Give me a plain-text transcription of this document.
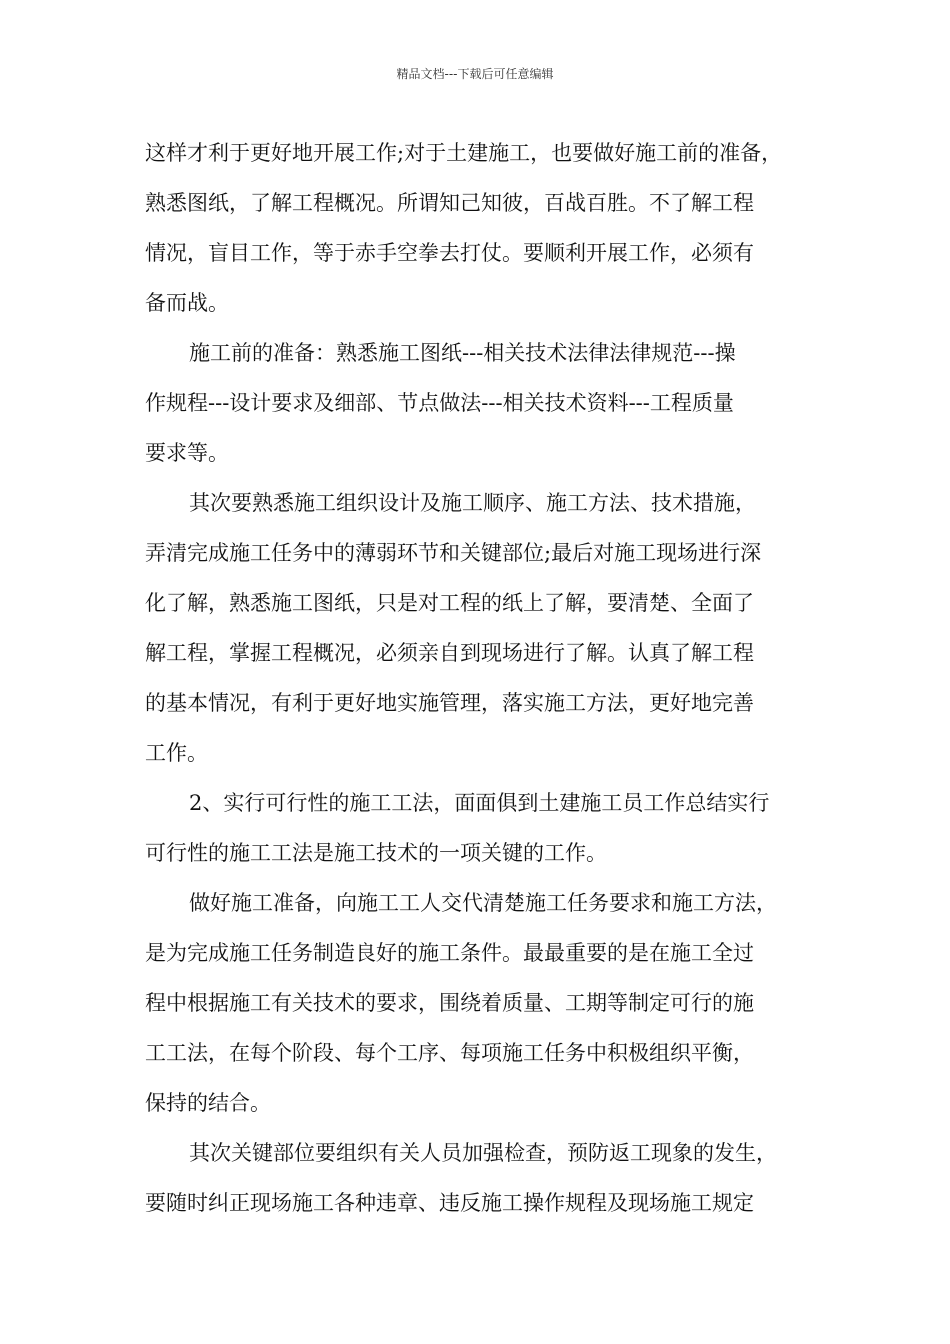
精品文档---下载后可任意编辑

这样才利于更好地开展工作;对于土建施工，也要做好施工前的准备，
熟悉图纸，了解工程概况。所谓知己知彼，百战百胜。不了解工程
情况，盲目工作，等于赤手空拳去打仗。要顺利开展工作，必须有
备而战。

施工前的准备：熟悉施工图纸---相关技术法律法律规范---操
作规程---设计要求及细部、节点做法---相关技术资料---工程质量
要求等。

其次要熟悉施工组织设计及施工顺序、施工方法、技术措施，
弄清完成施工任务中的薄弱环节和关键部位;最后对施工现场进行深
化了解，熟悉施工图纸，只是对工程的纸上了解，要清楚、全面了
解工程，掌握工程概况，必须亲自到现场进行了解。认真了解工程
的基本情况，有利于更好地实施管理，落实施工方法，更好地完善
工作。

2、实行可行性的施工工法，面面俱到土建施工员工作总结实行
可行性的施工工法是施工技术的一项关键的工作。

做好施工准备，向施工工人交代清楚施工任务要求和施工方法，
是为完成施工任务制造良好的施工条件。最最重要的是在施工全过
程中根据施工有关技术的要求，围绕着质量、工期等制定可行的施
工工法，在每个阶段、每个工序、每项施工任务中积极组织平衡，
保持的结合。

其次关键部位要组织有关人员加强检查，预防返工现象的发生，
要随时纠正现场施工各种违章、违反施工操作规程及现场施工规定
